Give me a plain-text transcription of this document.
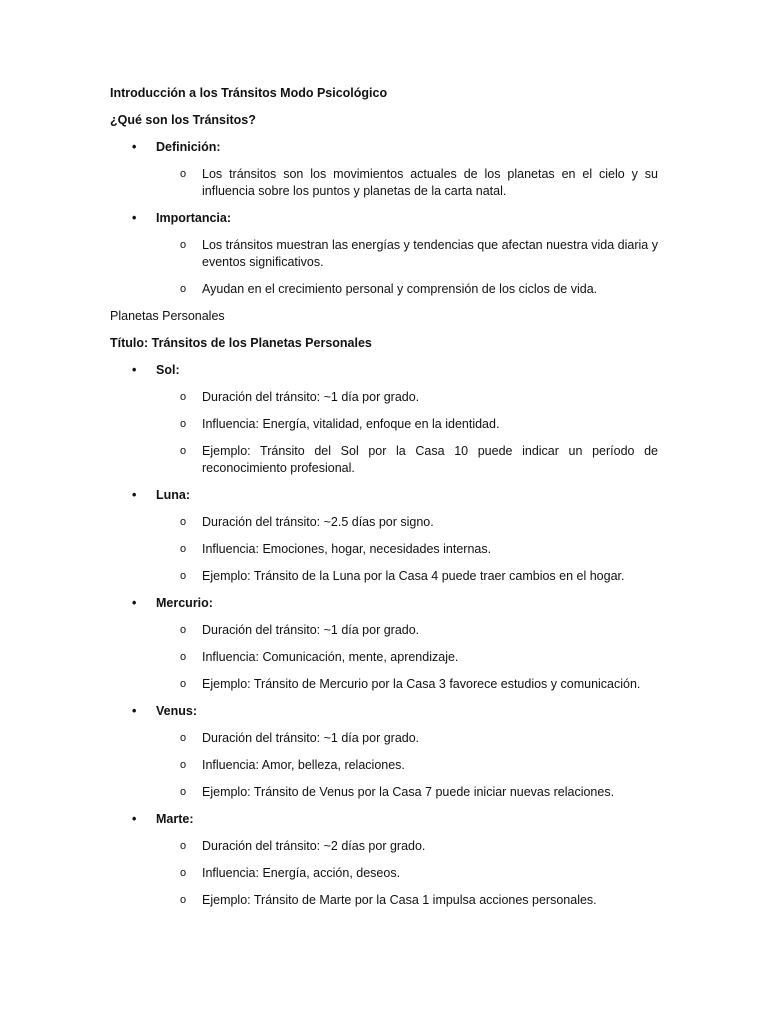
Introducción a los Tránsitos Modo Psicológico

¿Qué son los Tránsitos?

• Definición:
o Los tránsitos son los movimientos actuales de los planetas en el cielo y su influencia sobre los puntos y planetas de la carta natal.
• Importancia:
o Los tránsitos muestran las energías y tendencias que afectan nuestra vida diaria y eventos significativos.
o Ayudan en el crecimiento personal y comprensión de los ciclos de vida.

Planetas Personales

Título: Tránsitos de los Planetas Personales

• Sol:
o Duración del tránsito: ~1 día por grado.
o Influencia: Energía, vitalidad, enfoque en la identidad.
o Ejemplo: Tránsito del Sol por la Casa 10 puede indicar un período de reconocimiento profesional.
• Luna:
o Duración del tránsito: ~2.5 días por signo.
o Influencia: Emociones, hogar, necesidades internas.
o Ejemplo: Tránsito de la Luna por la Casa 4 puede traer cambios en el hogar.
• Mercurio:
o Duración del tránsito: ~1 día por grado.
o Influencia: Comunicación, mente, aprendizaje.
o Ejemplo: Tránsito de Mercurio por la Casa 3 favorece estudios y comunicación.
• Venus:
o Duración del tránsito: ~1 día por grado.
o Influencia: Amor, belleza, relaciones.
o Ejemplo: Tránsito de Venus por la Casa 7 puede iniciar nuevas relaciones.
• Marte:
o Duración del tránsito: ~2 días por grado.
o Influencia: Energía, acción, deseos.
o Ejemplo: Tránsito de Marte por la Casa 1 impulsa acciones personales.
